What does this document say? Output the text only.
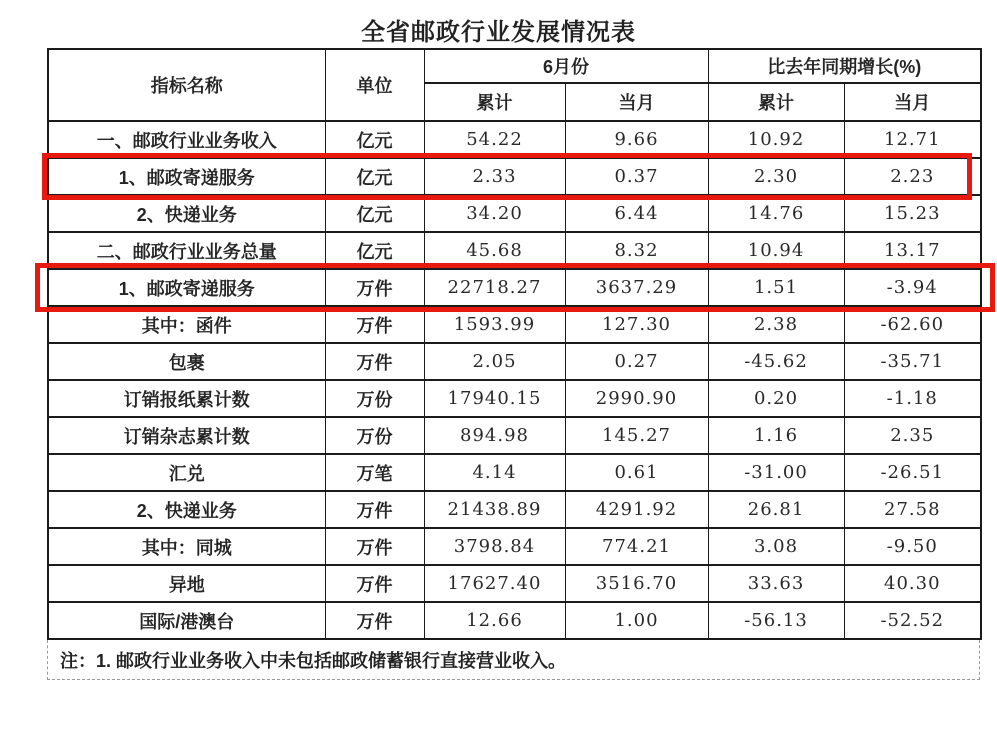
全省邮政行业发展情况表
指标名称	单位	6月份		比去年同期增长(%)	
		累计	当月	累计	当月
一、邮政行业业务收入	亿元	54.22	9.66	10.92	12.71
1、邮政寄递服务	亿元	2.33	0.37	2.30	2.23
2、快递业务	亿元	34.20	6.44	14.76	15.23
二、邮政行业业务总量	亿元	45.68	8.32	10.94	13.17
1、邮政寄递服务	万件	22718.27	3637.29	1.51	-3.94
其中：函件	万件	1593.99	127.30	2.38	-62.60
包裹	万件	2.05	0.27	-45.62	-35.71
订销报纸累计数	万份	17940.15	2990.90	0.20	-1.18
订销杂志累计数	万份	894.98	145.27	1.16	2.35
汇兑	万笔	4.14	0.61	-31.00	-26.51
2、快递业务	万件	21438.89	4291.92	26.81	27.58
其中：同城	万件	3798.84	774.21	3.08	-9.50
异地	万件	17627.40	3516.70	33.63	40.30
国际/港澳台	万件	12.66	1.00	-56.13	-52.52
注：1. 邮政行业业务收入中未包括邮政储蓄银行直接营业收入。
